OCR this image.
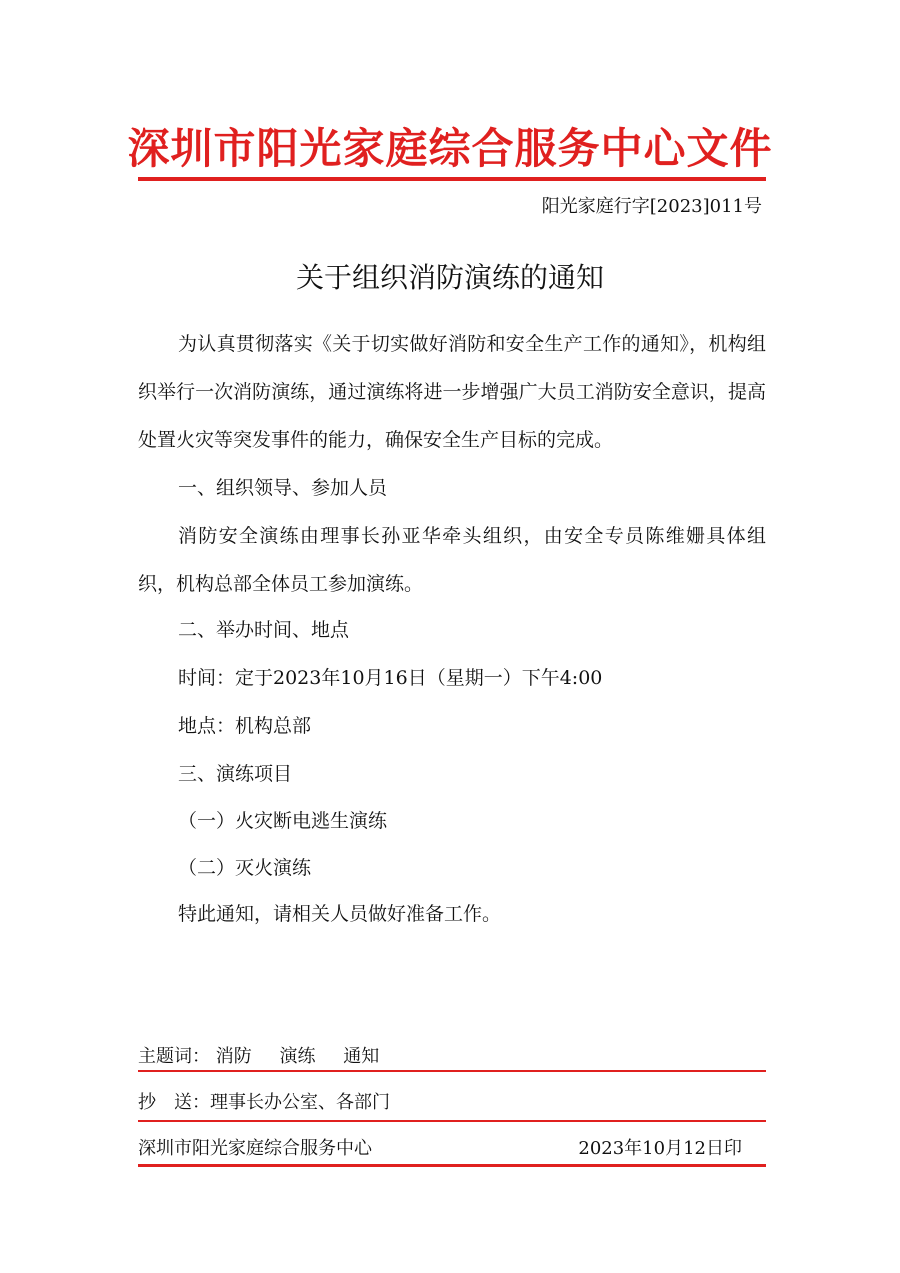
深圳市阳光家庭综合服务中心文件
阳光家庭行字[2023]011号
关于组织消防演练的通知
为认真贯彻落实《关于切实做好消防和安全生产工作的通知》，机构组织举行一次消防演练，通过演练将进一步增强广大员工消防安全意识，提高处置火灾等突发事件的能力，确保安全生产目标的完成。
一、组织领导、参加人员
消防安全演练由理事长孙亚华牵头组织，由安全专员陈维姗具体组织，机构总部全体员工参加演练。
二、举办时间、地点
时间：定于2023年10月16日（星期一）下午4:00
地点：机构总部
三、演练项目
（一）火灾断电逃生演练
（二）灭火演练
特此通知，请相关人员做好准备工作。
主题词： 消防 演练 通知
抄　送：理事长办公室、各部门
深圳市阳光家庭综合服务中心	2023年10月12日印
